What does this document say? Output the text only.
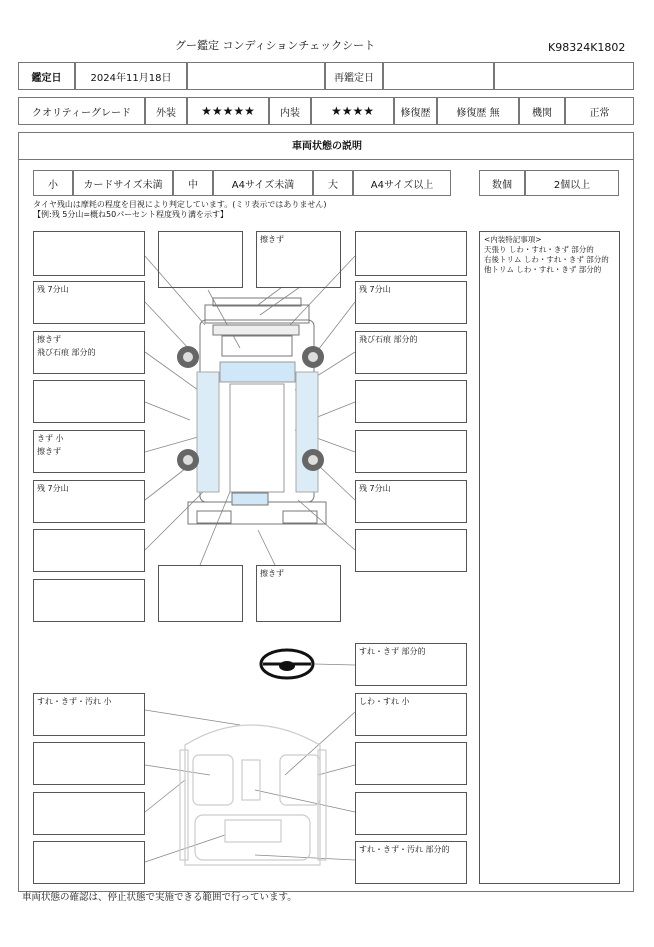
グー鑑定 コンディションチェックシート	K98324K1802
鑑定日	2024年11月18日	再鑑定日
クオリティーグレード	外装	★★★★★	内装	★★★★	修復歴	修復歴 無	機関	正常
車両状態の説明
小	カードサイズ未満	中	A4サイズ未満	大	A4サイズ以上	数個	2個以上
タイヤ残山は摩耗の程度を目視により判定しています。(ミリ表示ではありません)
【例:残 5分山=概ね50パーセント程度残り溝を示す】
<内装特記事項>
天張り しわ・すれ・きず 部分的
右後トリム しわ・すれ・きず 部分的
他トリム しわ・すれ・きず 部分的
残 7分山
擦きず
飛び石痕 部分的
きず 小
擦きず
残 7分山
擦きず
残 7分山
飛び石痕 部分的
残 7分山
擦きず
すれ・きず 部分的
すれ・きず・汚れ 小	しわ・すれ 小
すれ・きず・汚れ 部分的
車両状態の確認は、停止状態で実施できる範囲で行っています。
